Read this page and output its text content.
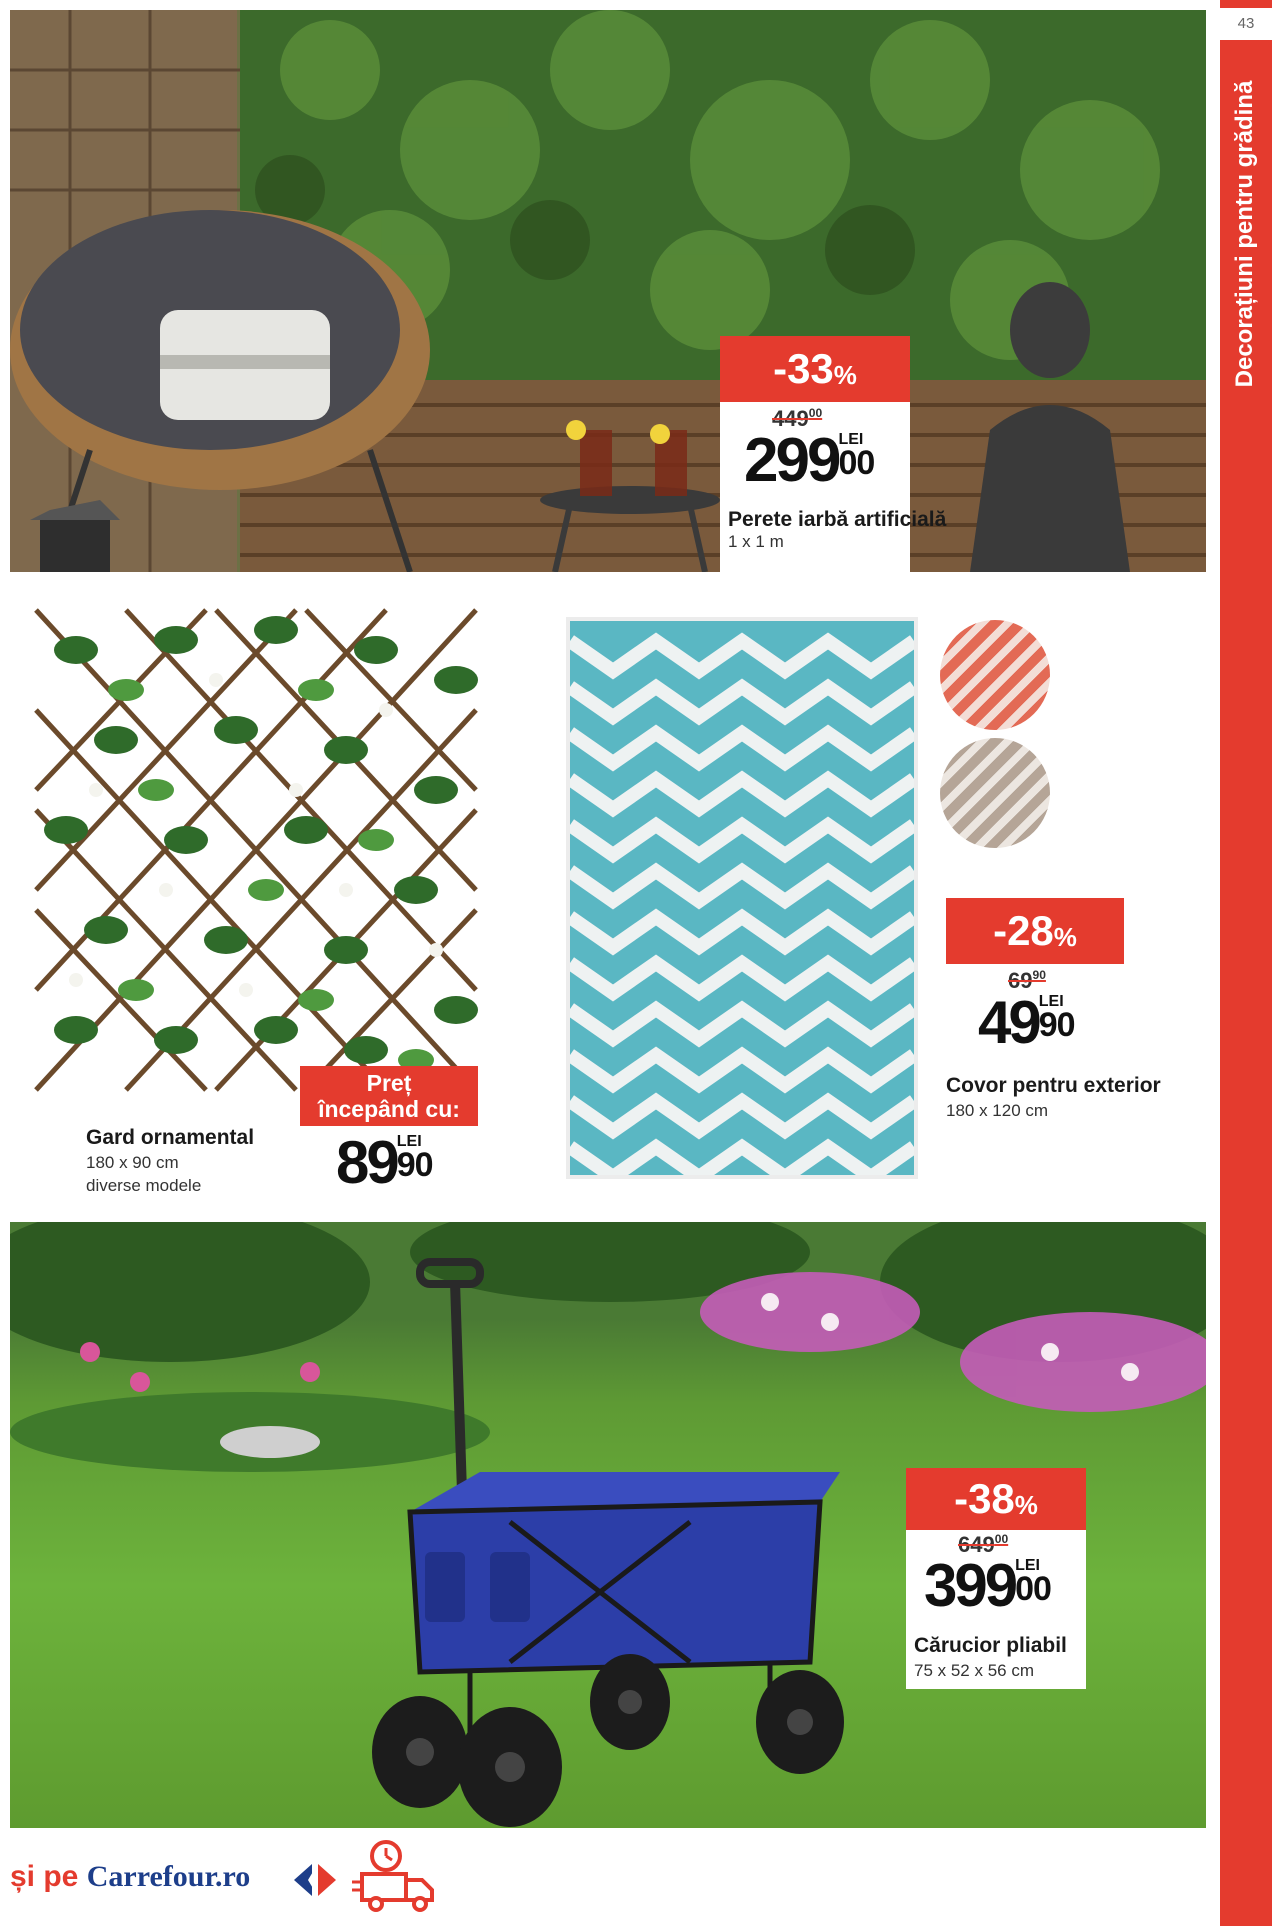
43
Decorațiuni pentru grădină
-33%
$449^{00}$
299 LEI
00
Perete iarbă artificială
1 x 1 m
Preț
începând cu:
89 LEI
90
Gard ornamental
180 x 90 cm
diverse modele
-28%
$69^{90}$
49 LEI
90
Covor pentru exterior
180 x 120 cm
-38%
$649^{00}$
399 LEI
00
Cărucior pliabil
75 x 52 x 56 cm
și pe Carrefour.ro
